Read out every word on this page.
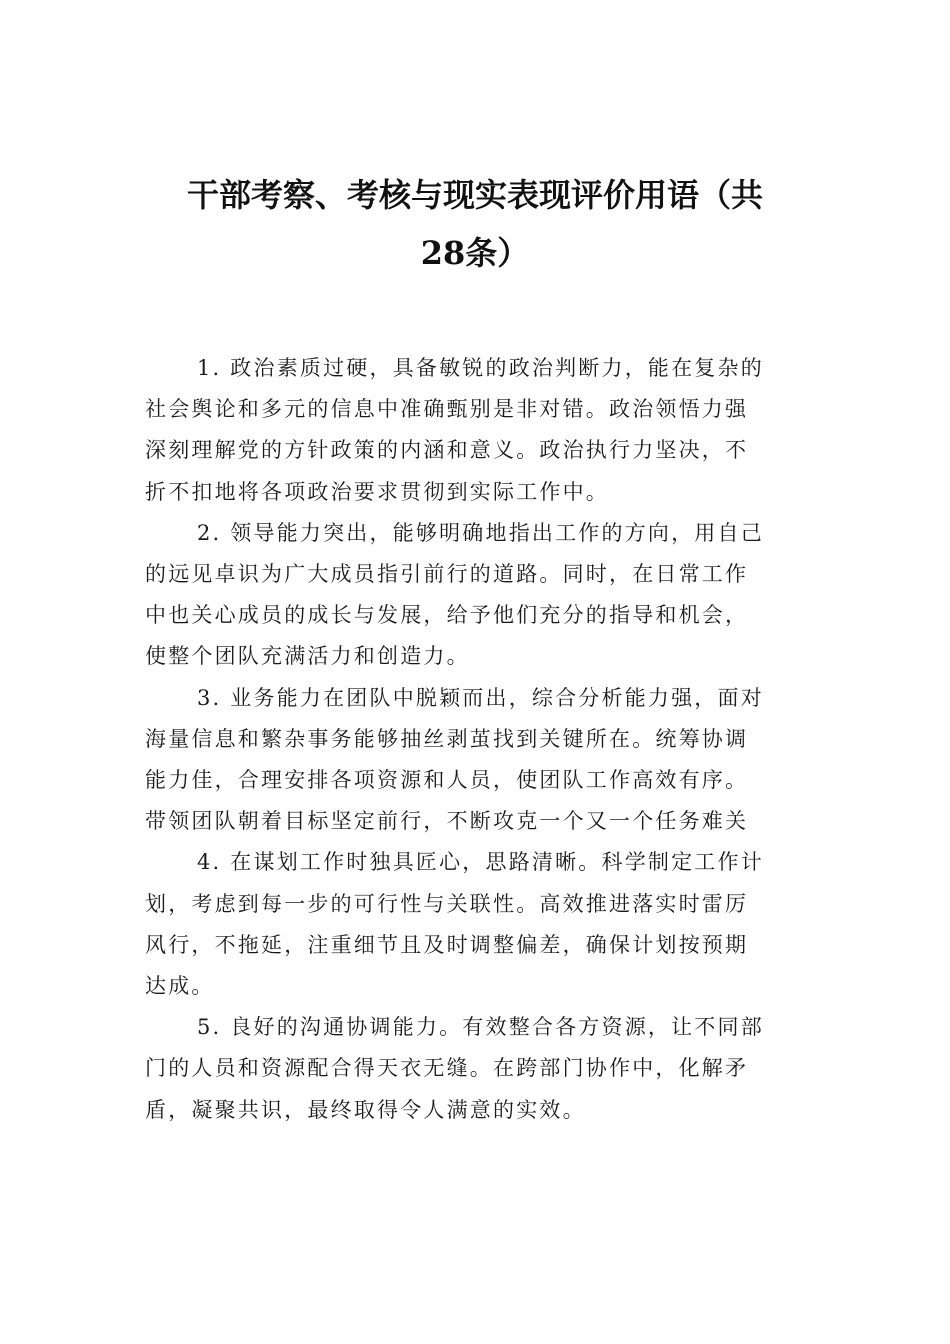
干部考察、考核与现实表现评价用语（共
28条）

1. 政治素质过硬，具备敏锐的政治判断力，能在复杂的
社会舆论和多元的信息中准确甄别是非对错。政治领悟力强
深刻理解党的方针政策的内涵和意义。政治执行力坚决，不
折不扣地将各项政治要求贯彻到实际工作中。

2. 领导能力突出，能够明确地指出工作的方向，用自己
的远见卓识为广大成员指引前行的道路。同时，在日常工作
中也关心成员的成长与发展，给予他们充分的指导和机会，
使整个团队充满活力和创造力。

3. 业务能力在团队中脱颖而出，综合分析能力强，面对
海量信息和繁杂事务能够抽丝剥茧找到关键所在。统筹协调
能力佳，合理安排各项资源和人员，使团队工作高效有序。
带领团队朝着目标坚定前行，不断攻克一个又一个任务难关

4. 在谋划工作时独具匠心，思路清晰。科学制定工作计
划，考虑到每一步的可行性与关联性。高效推进落实时雷厉
风行，不拖延，注重细节且及时调整偏差，确保计划按预期
达成。

5. 良好的沟通协调能力。有效整合各方资源，让不同部
门的人员和资源配合得天衣无缝。在跨部门协作中，化解矛
盾，凝聚共识，最终取得令人满意的实效。
